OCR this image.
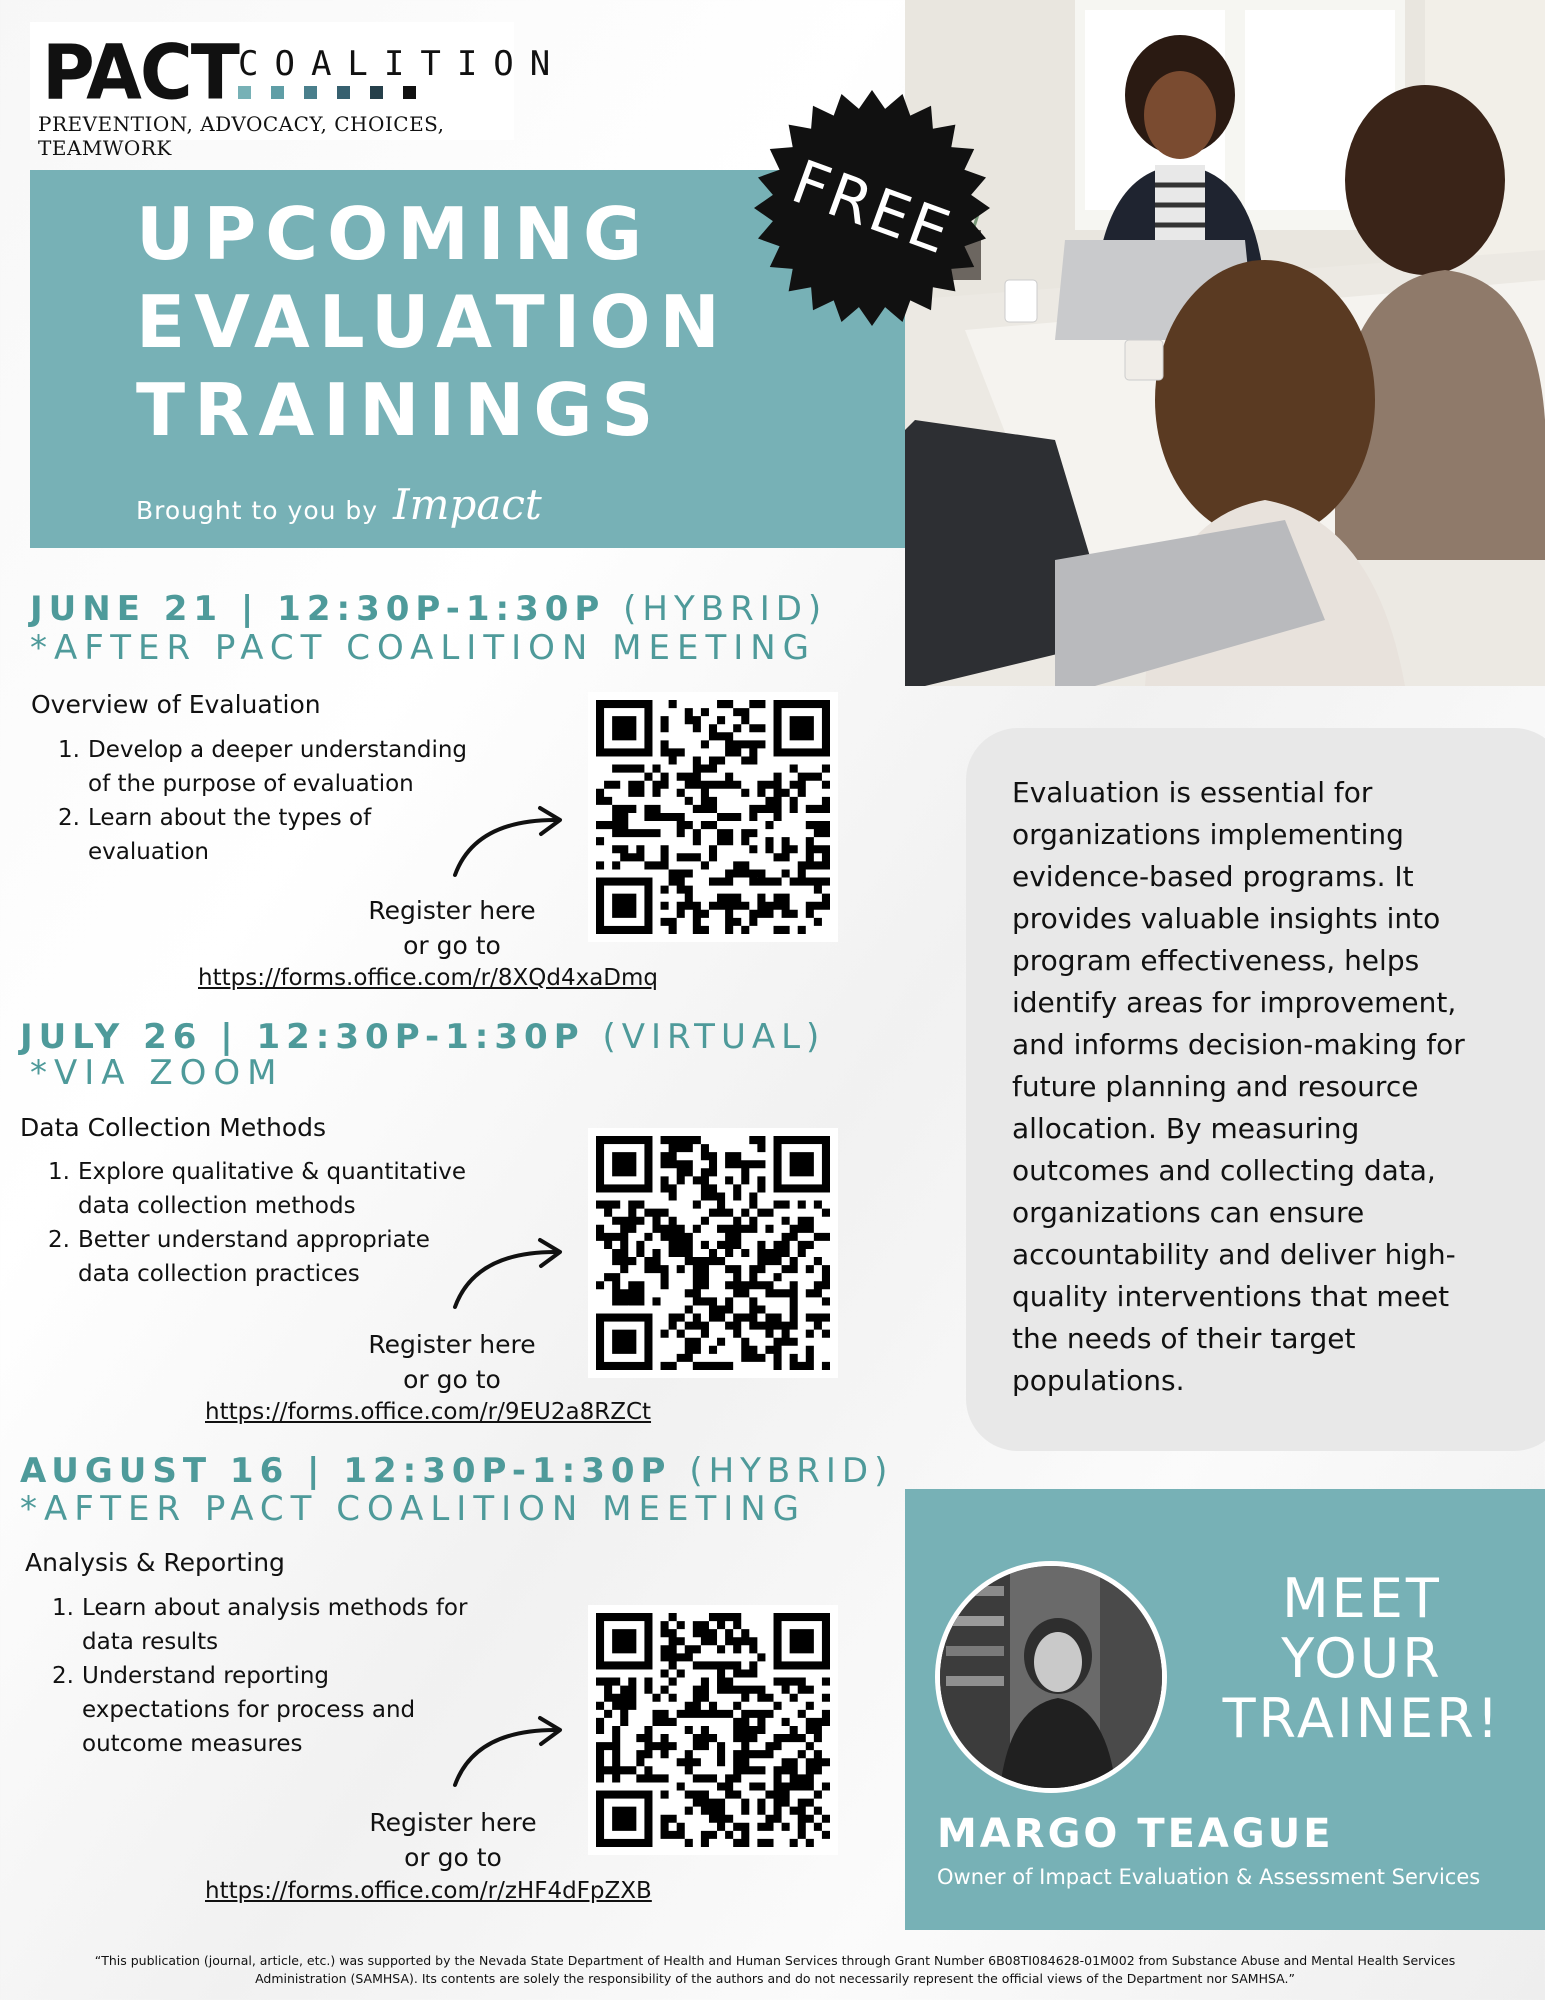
PACT COALITION
PREVENTION, ADVOCACY, CHOICES, TEAMWORK
UPCOMING
EVALUATION
TRAININGS
Brought to you by Impact
FREE
JUNE 21 | 12:30P-1:30P (HYBRID)
*AFTER PACT COALITION MEETING
Overview of Evaluation
1. Develop a deeper understanding
of the purpose of evaluation
2. Learn about the types of
evaluation
Register here
or go to
https://forms.office.com/r/8XQd4xaDmq
JULY 26 | 12:30P-1:30P (VIRTUAL)
*VIA ZOOM
Data Collection Methods
1. Explore qualitative & quantitative
data collection methods
2. Better understand appropriate
data collection practices
Register here
or go to
https://forms.office.com/r/9EU2a8RZCt
AUGUST 16 | 12:30P-1:30P (HYBRID)
*AFTER PACT COALITION MEETING
Analysis & Reporting
1. Learn about analysis methods for
data results
2. Understand reporting
expectations for process and
outcome measures
Register here
or go to
https://forms.office.com/r/zHF4dFpZXB
Evaluation is essential for
organizations implementing
evidence-based programs. It
provides valuable insights into
program effectiveness, helps
identify areas for improvement,
and informs decision-making for
future planning and resource
allocation. By measuring
outcomes and collecting data,
organizations can ensure
accountability and deliver high-
quality interventions that meet
the needs of their target
populations.
MEET
YOUR
TRAINER!
MARGO TEAGUE
Owner of Impact Evaluation & Assessment Services
“This publication (journal, article, etc.) was supported by the Nevada State Department of Health and Human Services through Grant Number 6B08TI084628-01M002 from Substance Abuse and Mental Health Services
Administration (SAMHSA). Its contents are solely the responsibility of the authors and do not necessarily represent the official views of the Department nor SAMHSA.”
